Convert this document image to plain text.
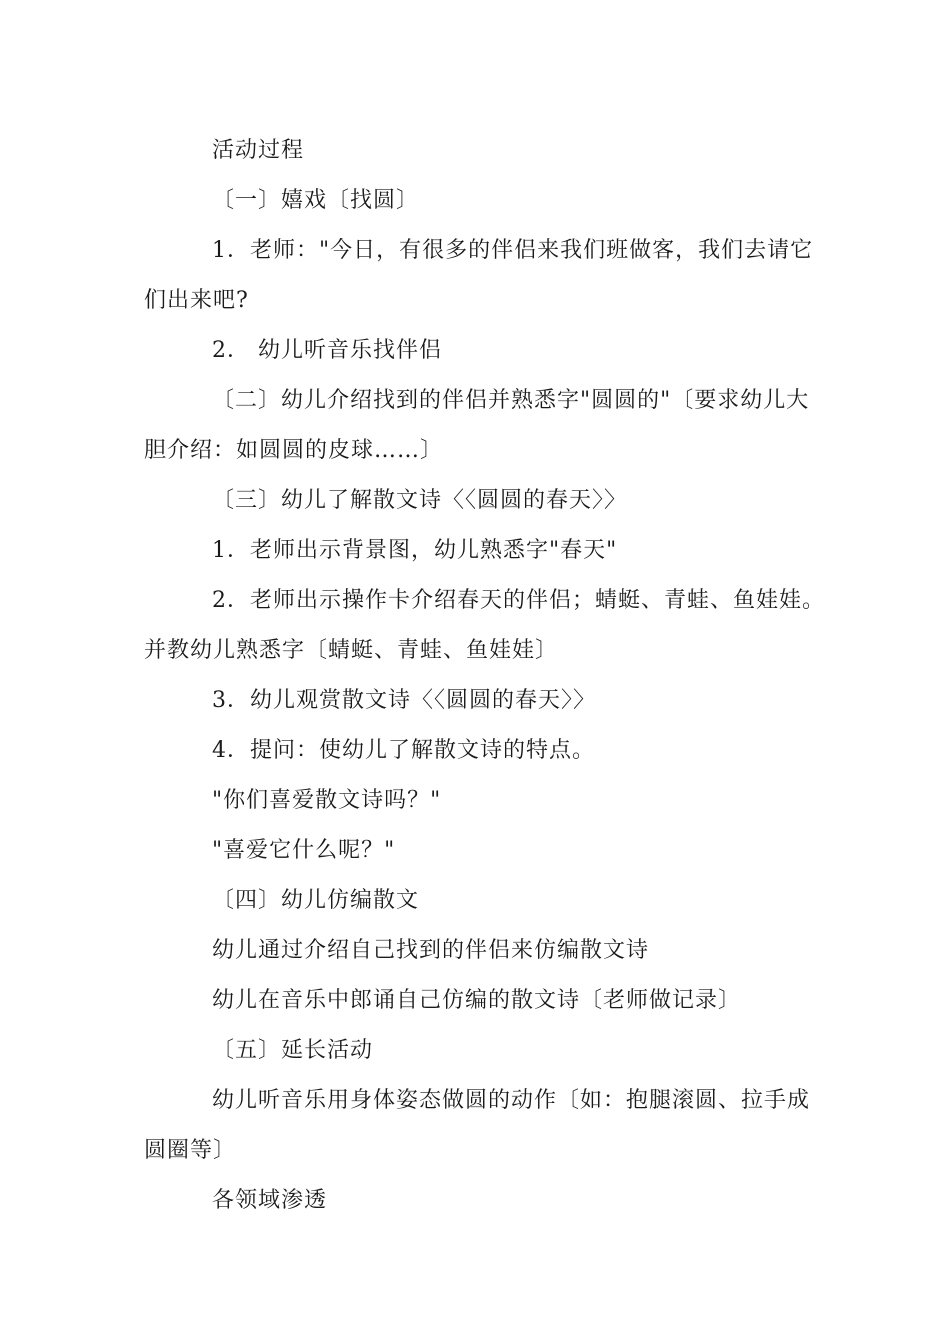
活动过程
〔一〕嬉戏〔找圆〕
1．老师："今日，有很多的伴侣来我们班做客，我们去请它
们出来吧?
2． 幼儿听音乐找伴侣
〔二〕幼儿介绍找到的伴侣并熟悉字"圆圆的"〔要求幼儿大
胆介绍：如圆圆的皮球……〕
〔三〕幼儿了解散文诗〈〈圆圆的春天〉〉
1．老师出示背景图，幼儿熟悉字"春天"
2．老师出示操作卡介绍春天的伴侣；蜻蜓、青蛙、鱼娃娃。
并教幼儿熟悉字〔蜻蜓、青蛙、鱼娃娃〕
3．幼儿观赏散文诗〈〈圆圆的春天〉〉
4．提问：使幼儿了解散文诗的特点。
"你们喜爱散文诗吗？"
"喜爱它什么呢？"
〔四〕幼儿仿编散文
幼儿通过介绍自己找到的伴侣来仿编散文诗
幼儿在音乐中郎诵自己仿编的散文诗〔老师做记录〕
〔五〕延长活动
幼儿听音乐用身体姿态做圆的动作〔如：抱腿滚圆、拉手成
圆圈等〕
各领域渗透
